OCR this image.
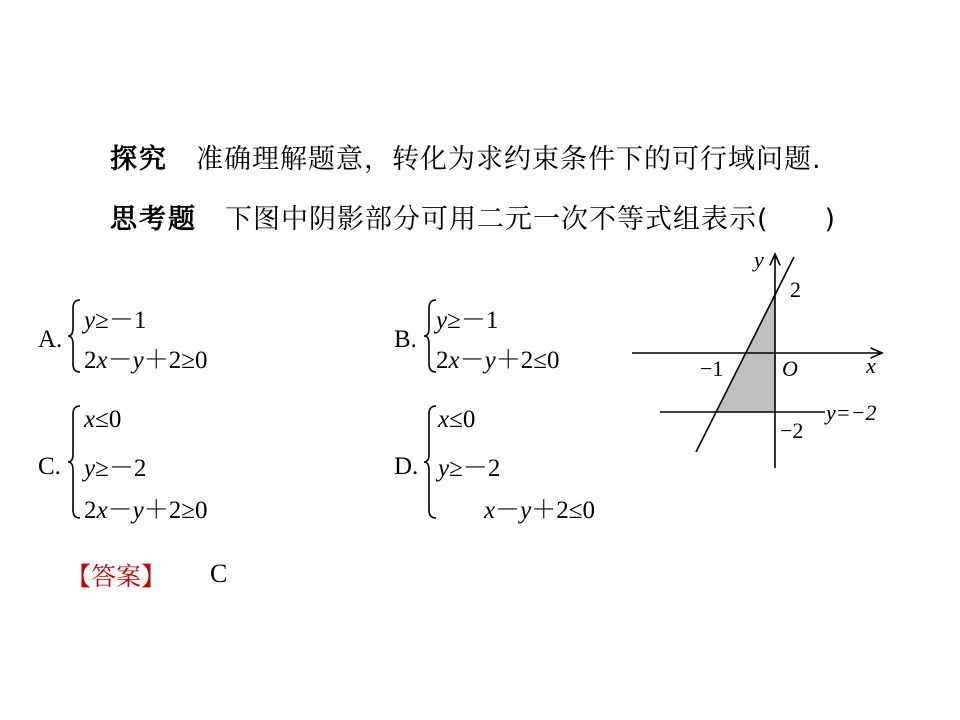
探究 准确理解题意，转化为求约束条件下的可行域问题.
思考题 下图中阴影部分可用二元一次不等式组表示(　　)
A.
y≥－1
2x－y＋2≥0
B.
y≥－1
2x－y＋2≤0
C.
x≤0
y≥－2
2x－y＋2≥0
D.
x≤0
y≥－2
x－y＋2≤0
y
x
O
−1
2
−2
y=−2
【答案】 C
